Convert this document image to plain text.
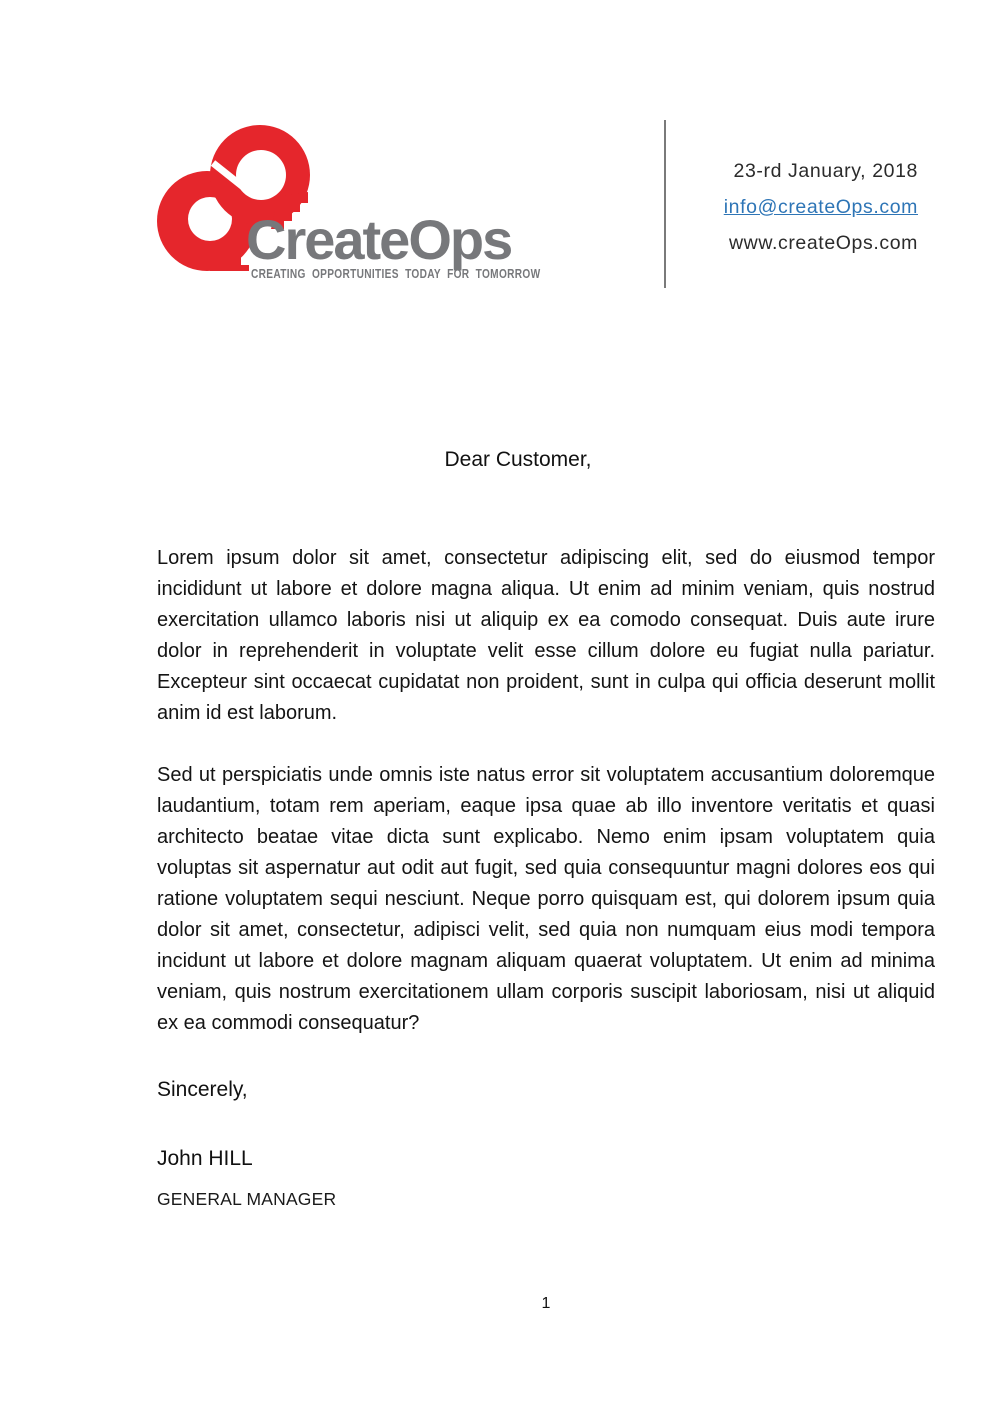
CreateOps
CREATING OPPORTUNITIES TODAY FOR TOMORROW
23-rd January, 2018
info@createOps.com
www.createOps.com
Dear Customer,
Lorem ipsum dolor sit amet, consectetur adipiscing elit, sed do eiusmod tempor incididunt ut labore et dolore magna aliqua. Ut enim ad minim veniam, quis nostrud exercitation ullamco laboris nisi ut aliquip ex ea comodo consequat. Duis aute irure dolor in reprehenderit in voluptate velit esse cillum dolore eu fugiat nulla pariatur. Excepteur sint occaecat cupidatat non proident, sunt in culpa qui officia deserunt mollit anim id est laborum.
Sed ut perspiciatis unde omnis iste natus error sit voluptatem accusantium doloremque laudantium, totam rem aperiam, eaque ipsa quae ab illo inventore veritatis et quasi architecto beatae vitae dicta sunt explicabo. Nemo enim ipsam voluptatem quia voluptas sit aspernatur aut odit aut fugit, sed quia consequuntur magni dolores eos qui ratione voluptatem sequi nesciunt. Neque porro quisquam est, qui dolorem ipsum quia dolor sit amet, consectetur, adipisci velit, sed quia non numquam eius modi tempora incidunt ut labore et dolore magnam aliquam quaerat voluptatem. Ut enim ad minima veniam, quis nostrum exercitationem ullam corporis suscipit laboriosam, nisi ut aliquid ex ea commodi consequatur?
Sincerely,
John HILL
GENERAL MANAGER
1
